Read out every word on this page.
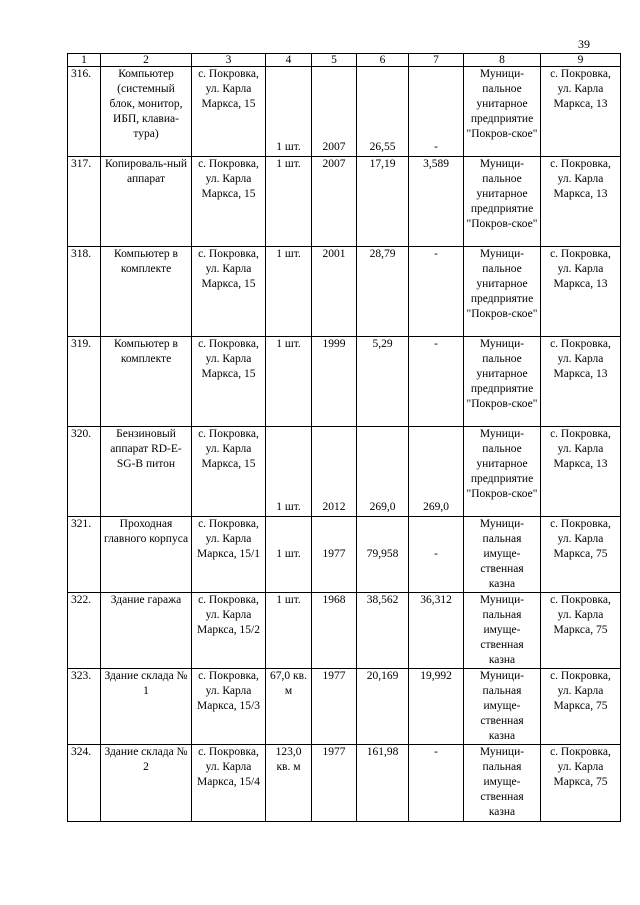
39
1	2	3	4	5	6	7	8	9
316.	Компьютер (системный блок, монитор, ИБП, клавиа-тура)	с. Покровка, ул. Карла Маркса, 15	1 шт.	2007	26,55	-	Муници-пальное унитарное предприятие "Покров-ское"	с. Покровка, ул. Карла Маркса, 13
317.	Копироваль-ный аппарат	с. Покровка, ул. Карла Маркса, 15	1 шт.	2007	17,19	3,589	Муници-пальное унитарное предприятие "Покров-ское"	с. Покровка, ул. Карла Маркса, 13
318.	Компьютер в комплекте	с. Покровка, ул. Карла Маркса, 15	1 шт.	2001	28,79	-	Муници-пальное унитарное предприятие "Покров-ское"	с. Покровка, ул. Карла Маркса, 13
319.	Компьютер в комплекте	с. Покровка, ул. Карла Маркса, 15	1 шт.	1999	5,29	-	Муници-пальное унитарное предприятие "Покров-ское"	с. Покровка, ул. Карла Маркса, 13
320.	Бензиновый аппарат RD-E-SG-B питон	с. Покровка, ул. Карла Маркса, 15	1 шт.	2012	269,0	269,0	Муници-пальное унитарное предприятие "Покров-ское"	с. Покровка, ул. Карла Маркса, 13
321.	Проходная главного корпуса	с. Покровка, ул. Карла Маркса, 15/1	1 шт.	1977	79,958	-	Муници-пальная имуще-ственная казна	с. Покровка, ул. Карла Маркса, 75
322.	Здание гаража	с. Покровка, ул. Карла Маркса, 15/2	1 шт.	1968	38,562	36,312	Муници-пальная имуще-ственная казна	с. Покровка, ул. Карла Маркса, 75
323.	Здание склада № 1	с. Покровка, ул. Карла Маркса, 15/3	67,0 кв. м	1977	20,169	19,992	Муници-пальная имуще-ственная казна	с. Покровка, ул. Карла Маркса, 75
324.	Здание склада № 2	с. Покровка, ул. Карла Маркса, 15/4	123,0 кв. м	1977	161,98	-	Муници-пальная имуще-ственная казна	с. Покровка, ул. Карла Маркса, 75
